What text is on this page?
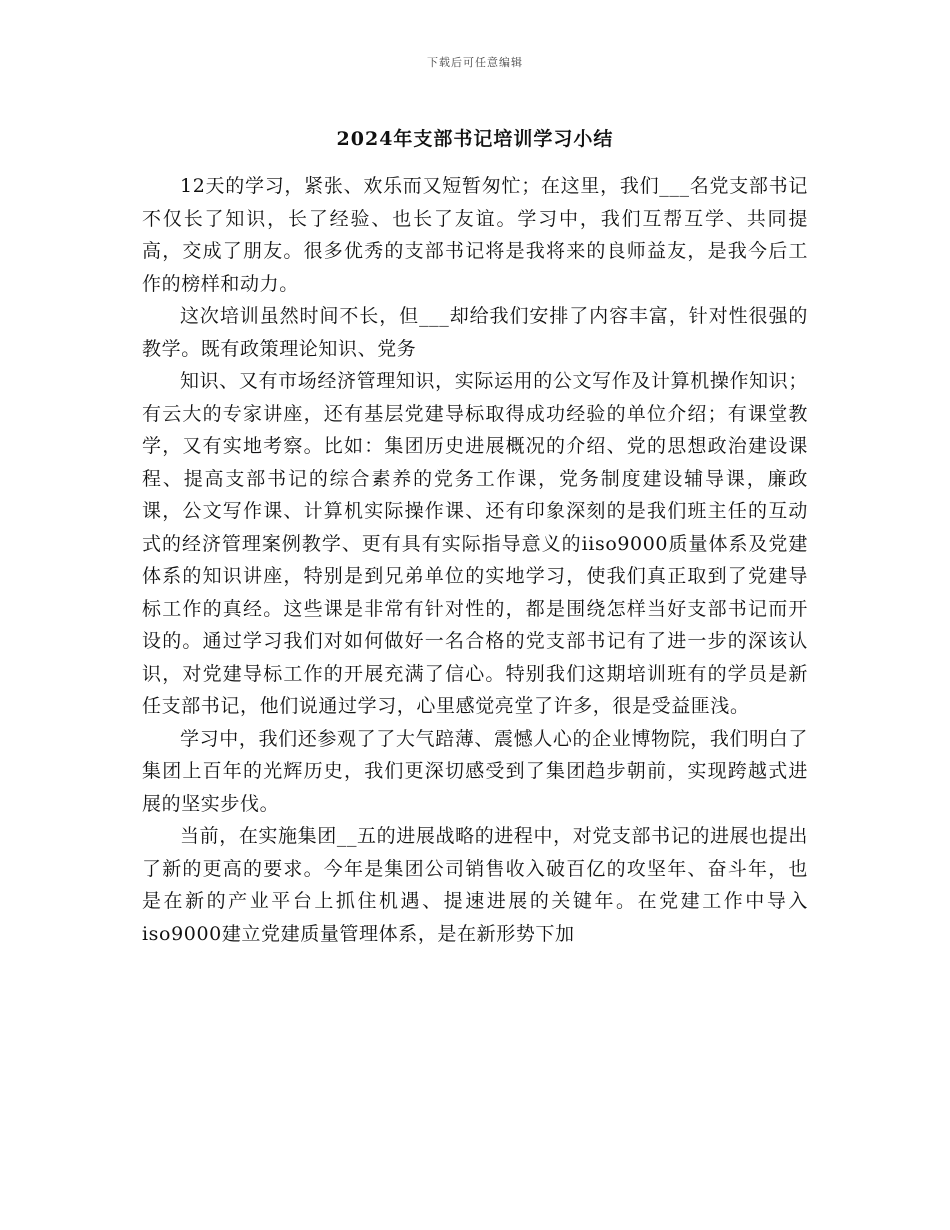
下载后可任意编辑
2024年支部书记培训学习小结

12天的学习，紧张、欢乐而又短暂匆忙；在这里，我们___名党支部书记不仅长了知识，长了经验、也长了友谊。学习中，我们互帮互学、共同提高，交成了朋友。很多优秀的支部书记将是我将来的良师益友，是我今后工作的榜样和动力。

这次培训虽然时间不长，但___却给我们安排了内容丰富，针对性很强的教学。既有政策理论知识、党务

知识、又有市场经济管理知识，实际运用的公文写作及计算机操作知识；有云大的专家讲座，还有基层党建导标取得成功经验的单位介绍；有课堂教学，又有实地考察。比如：集团历史进展概况的介绍、党的思想政治建设课程、提高支部书记的综合素养的党务工作课，党务制度建设辅导课，廉政课，公文写作课、计算机实际操作课、还有印象深刻的是我们班主任的互动式的经济管理案例教学、更有具有实际指导意义的iiso9000质量体系及党建体系的知识讲座，特别是到兄弟单位的实地学习，使我们真正取到了党建导标工作的真经。这些课是非常有针对性的，都是围绕怎样当好支部书记而开设的。通过学习我们对如何做好一名合格的党支部书记有了进一步的深该认识，对党建导标工作的开展充满了信心。特别我们这期培训班有的学员是新任支部书记，他们说通过学习，心里感觉亮堂了许多，很是受益匪浅。

学习中，我们还参观了了大气踣薄、震憾人心的企业博物院，我们明白了集团上百年的光辉历史，我们更深切感受到了集团趋步朝前，实现跨越式进展的坚实步伐。

当前，在实施集团__五的进展战略的进程中，对党支部书记的进展也提出了新的更高的要求。今年是集团公司销售收入破百亿的攻坚年、奋斗年，也是在新的产业平台上抓住机遇、提速进展的关键年。在党建工作中导入iso9000建立党建质量管理体系，是在新形势下加
